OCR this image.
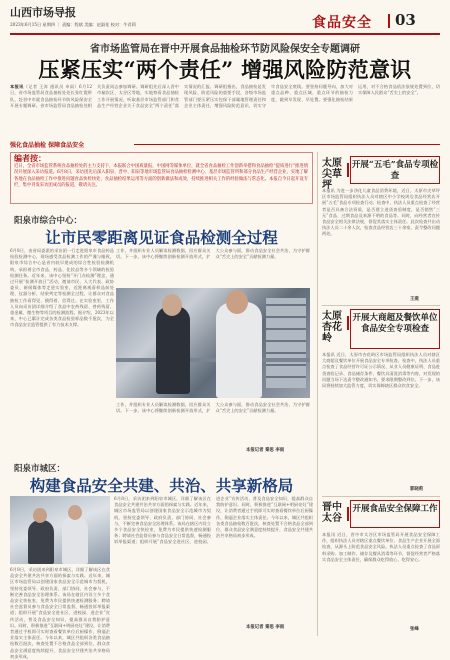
山西市场导报
2023年6月15日 星期四 ｜ 责编：程斌 美编：赵淑花 校对：牛君莉	食品安全 03
省市场监管局在晋中开展食品抽检环节防风险保安全专题调研
压紧压实“两个责任” 增强风险防范意识
本报讯（记者 王涛 通讯员 申雨）6月12日，省市场监管局食品抽检处处长张红霞带队，赴晋中市就食品抽检环节防风险保安全开展专题调研。省市场监管局食品抽检处相关负责同志参加调研。调研组先后深入晋中市榆次区、太谷区等地，实地察看食品抽检工作开展情况，听取基层市场监管部门和食品生产经营企业关于食品安全“两个责任”落实情况的汇报。调研组指出，食品抽检是发现风险、防范风险的重要手段，各级市场监管部门要压紧压实包保干部属地管理责任和企业主体责任，增强风险防范意识，切实守牢食品安全底线。要坚持问题导向，加大对重点品种、重点区域、重点环节的抽检力度，做到早发现、早处置。要强化抽检结果运用，对不合格食品依法依规处置到位，切实保障人民群众“舌尖上的安全”。
强化食品抽检 保障食品安全
编者按：
近日，全省市场监管系统食品抽检处的主力支持下，本报联合中国质量报，中国网等媒体单位，就全省食品抽检工作创新举措和食品抽检“提质进行”推进情况开展深入采访报道。6月8日，采访团先后深入阳泉、晋中、阳泉等地市场监管局食品抽检检测中心、基层市场监管所和部分食品生产经营企业，实地了解各地在食品抽检工作中推进问题食品快检快处、食品抽检结果运用等方面的创新做法和成效，持续推进相关工作的经验做法与常态化。本报自今日起开设专栏，集中刊发采访团成员的报道，敬请关注。
阳泉市综合中心：
让市民零距离见证食品检测全过程
6月8日，由省局委派的采访团一行走进阳泉市食品药品检验检测中心，现场感受食品检测工作的严谨与细致。阳泉市综合中心是省内较早建成的综合性检验检测机构，承担着全市食品、药品、化妆品等多个领域的检验检测任务。近年来，该中心坚持“开门办检测”理念，通过开展“检测开放日”活动，邀请市民、人大代表、政协委员、新闻媒体等走进实验室，近距离观看样品前处理、仪器分析、结果判定等检测全过程，让群众对食品抽检工作看得见、摸得着、信得过。在实验室里，工作人员向采访团详细介绍了食品中农药残留、兽药残留、重金属、微生物等项目的检测流程。据介绍，2023年以来，中心已累计完成各类食品检验样品数千批次，为全市食品安全监管提供了有力技术支撑。
工作，并组织专业人员解读检测数据，回应群众关切。下一步，该中心将继续创新检测开放形式，扩大公众参与面，推动食品安全社会共治，为守护群众“舌尖上的安全”贡献检测力量。
工作，并组织专业人员解读检测数据，回应群众关切。下一步，该中心将继续创新检测开放形式，扩大公众参与面，推动食品安全社会共治，为守护群众“舌尖上的安全”贡献检测力量。
本报记者 秦思 李雨
阳泉市城区：
构建食品安全共建、共治、共享新格局
6月8日，采访团来到阳泉市城区，详细了解该区在食品安全共建共治共享方面的探索与实践。近年来，城区市场监管局以创建国家食品安全示范城市为契机，坚持党委领导、政府负责、部门协同、社会参与，不断完善食品安全治理体系。该局在辖区内设立多个食品安全快检室，免费为市民提供快速检测服务；聘请社会监督员参与食品安全日常监督，畅通投诉举报渠道；组织开展“食品安全进社区、进校园、进企业”宣传活动，普及食品安全知识，提高群众自我防护意识。同时，积极推进“互联网+明厨亮灶”建设，让消费者通过手机即可实时查看餐饮单位后厨操作，倒逼企业落实主体责任。今年以来，城区共组织各类食品抽检数百批次，核查处置不合格食品全部到位，群众食品安全满意度持续提升，食品安全共建共治共享格局初步形成。
6月8日，采访团来到阳泉市城区，详细了解该区在食品安全共建共治共享方面的探索与实践。近年来，城区市场监管局以创建国家食品安全示范城市为契机，坚持党委领导、政府负责、部门协同、社会参与，不断完善食品安全治理体系。该局在辖区内设立多个食品安全快检室，免费为市民提供快速检测服务；聘请社会监督员参与食品安全日常监督，畅通投诉举报渠道；组织开展“食品安全进社区、进校园、进企业”宣传活动，普及食品安全知识，提高群众自我防护意识。同时，积极推进“互联网+明厨亮灶”建设，让消费者通过手机即可实时查看餐饮单位后厨操作，倒逼企业落实主体责任。今年以来，城区共组织各类食品抽检数百批次，核查处置不合格食品全部到位，群众食品安全满意度持续提升，食品安全共建共治共享格局初步形成。
本报记者 秦思 李雨
太原尖草坪
开展“五毛”食品专项检查
本报讯 为进一步净化儿童食品消费环境，近日，太原市尖草坪区市场监管局组织执法人员对辖区中小学校周边食品经营店开展“五毛”食品专项检查行动。检查中，执法人员重点检查了经营者是否具备合法资质，是否建立进货查验制度，是否销售“三无”食品、过期食品及来源不明的食品等。同时，向经营者宣传食品安全相关法律法规，督促其落实主体责任。此次检查共出动执法人员二十余人次，检查食品经营店三十余家，责令整改问题两处。
王燕
太原杏花岭
开展大商超及餐饮单位食品安全专项检查
本报讯 近日，太原市杏花岭区市场监管局组织执法人员对辖区大商超及餐饮单位开展食品安全专项检查。检查中，执法人员重点检查了食品经营许可证公示情况、从业人员健康证明、食品进货查验记录、食品储存条件、餐饮具清洗消毒等内容，对发现的问题当场下达责令整改通知书，要求限期整改到位。下一步，该局将持续加大监管力度，切实保障辖区群众饮食安全。
郭晓莉
晋中太谷
开展食品安全保障工作
本报讯 近日，晋中市太谷区市场监管局开展食品安全保障工作，组织执法人员对辖区重点餐饮单位、食品生产企业开展全面检查，从源头上防范食品安全风险。执法人员重点检查了食品原料采购、加工制作、储存及餐具消毒等环节，督促经营者严格落实食品安全主体责任，确保群众吃得放心、吃得安心。
张峰
